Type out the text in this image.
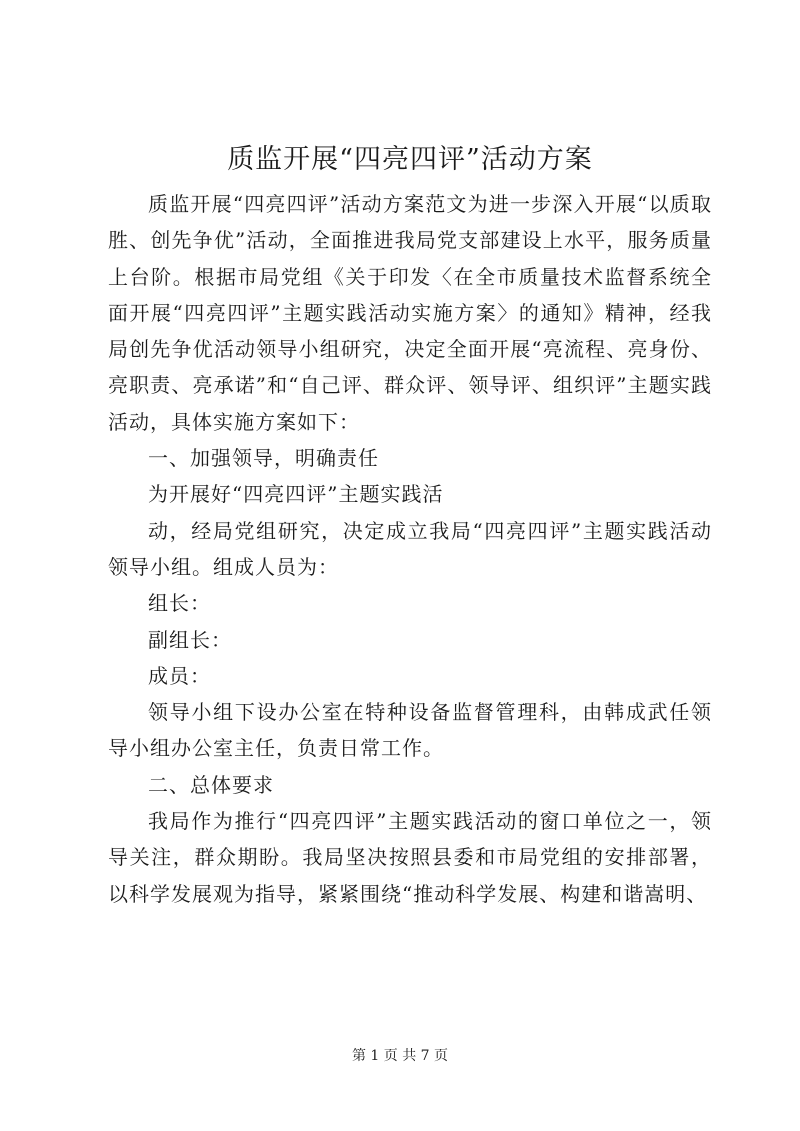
质监开展“四亮四评”活动方案

质监开展“四亮四评”活动方案范文为进一步深入开展“以质取胜、创先争优”活动，全面推进我局党支部建设上水平，服务质量上台阶。根据市局党组《关于印发〈在全市质量技术监督系统全面开展“四亮四评”主题实践活动实施方案〉的通知》精神，经我局创先争优活动领导小组研究，决定全面开展“亮流程、亮身份、亮职责、亮承诺”和“自己评、群众评、领导评、组织评”主题实践活动，具体实施方案如下：

一、加强领导，明确责任

为开展好“四亮四评”主题实践活

动，经局党组研究，决定成立我局“四亮四评”主题实践活动领导小组。组成人员为：

组长：

副组长：

成员：

领导小组下设办公室在特种设备监督管理科，由韩成武任领导小组办公室主任，负责日常工作。

二、总体要求

我局作为推行“四亮四评”主题实践活动的窗口单位之一，领导关注，群众期盼。我局坚决按照县委和市局党组的安排部署，以科学发展观为指导，紧紧围绕“推动科学发展、构建和谐嵩明、

第 1 页 共 7 页
